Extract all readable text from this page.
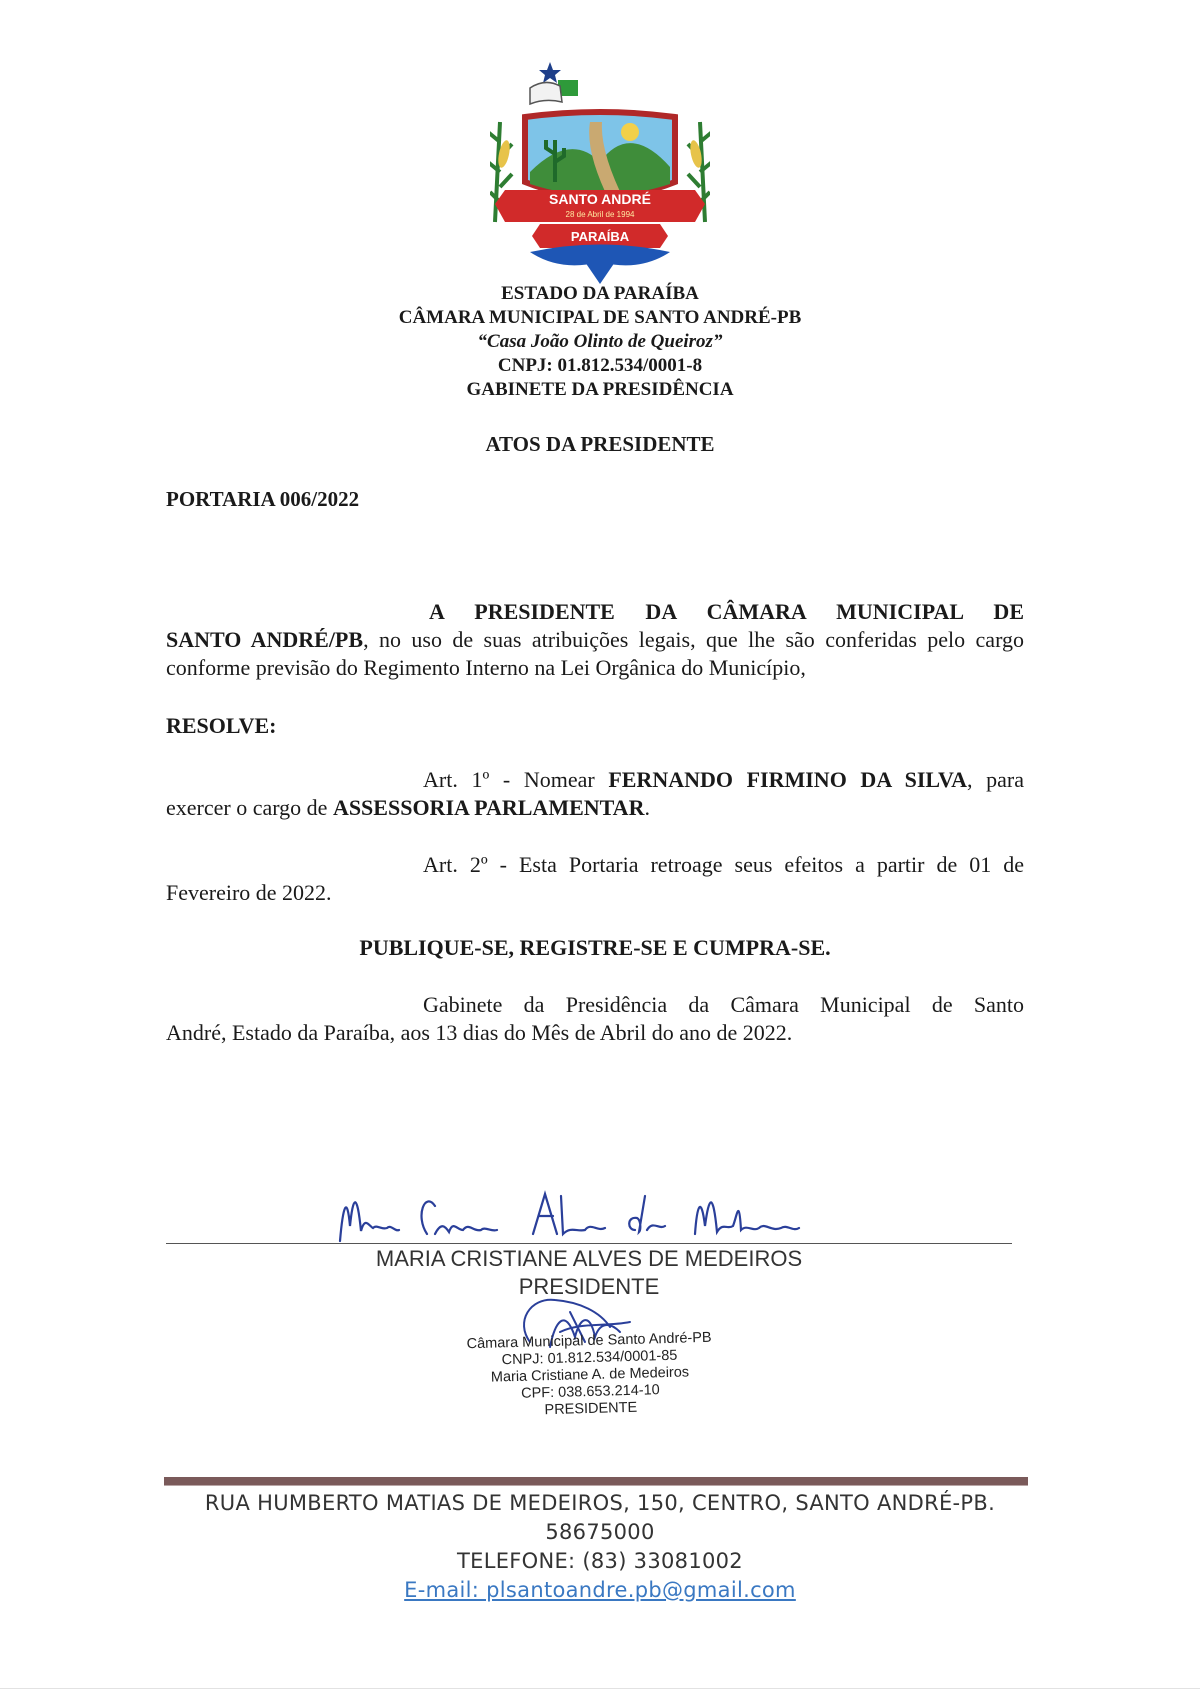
SANTO ANDRÉ
28 de Abril de 1994
PARAÍBA
ESTADO DA PARAÍBA
CÂMARA MUNICIPAL DE SANTO ANDRÉ-PB
“Casa João Olinto de Queiroz”
CNPJ: 01.812.534/0001-8
GABINETE DA PRESIDÊNCIA
ATOS DA PRESIDENTE
PORTARIA 006/2022
A PRESIDENTE DA CÂMARA MUNICIPAL DE
SANTO ANDRÉ/PB, no uso de suas atribuições legais, que lhe são conferidas pelo cargo conforme previsão do Regimento Interno na Lei Orgânica do Município,
RESOLVE:
Art. 1º - Nomear FERNANDO FIRMINO DA SILVA, para
exercer o cargo de ASSESSORIA PARLAMENTAR.
Art. 2º - Esta Portaria retroage seus efeitos a partir de 01 de
Fevereiro de 2022.
PUBLIQUE-SE, REGISTRE-SE E CUMPRA-SE.
Gabinete da Presidência da Câmara Municipal de Santo
André, Estado da Paraíba, aos 13 dias do Mês de Abril do ano de 2022.
MARIA CRISTIANE ALVES DE MEDEIROS
PRESIDENTE
Câmara Municipal de Santo André-PB
CNPJ: 01.812.534/0001-85
Maria Cristiane A. de Medeiros
CPF: 038.653.214-10
PRESIDENTE
RUA HUMBERTO MATIAS DE MEDEIROS, 150, CENTRO, SANTO ANDRÉ-PB.
58675000
TELEFONE: (83) 33081002
E-mail: plsantoandre.pb@gmail.com
